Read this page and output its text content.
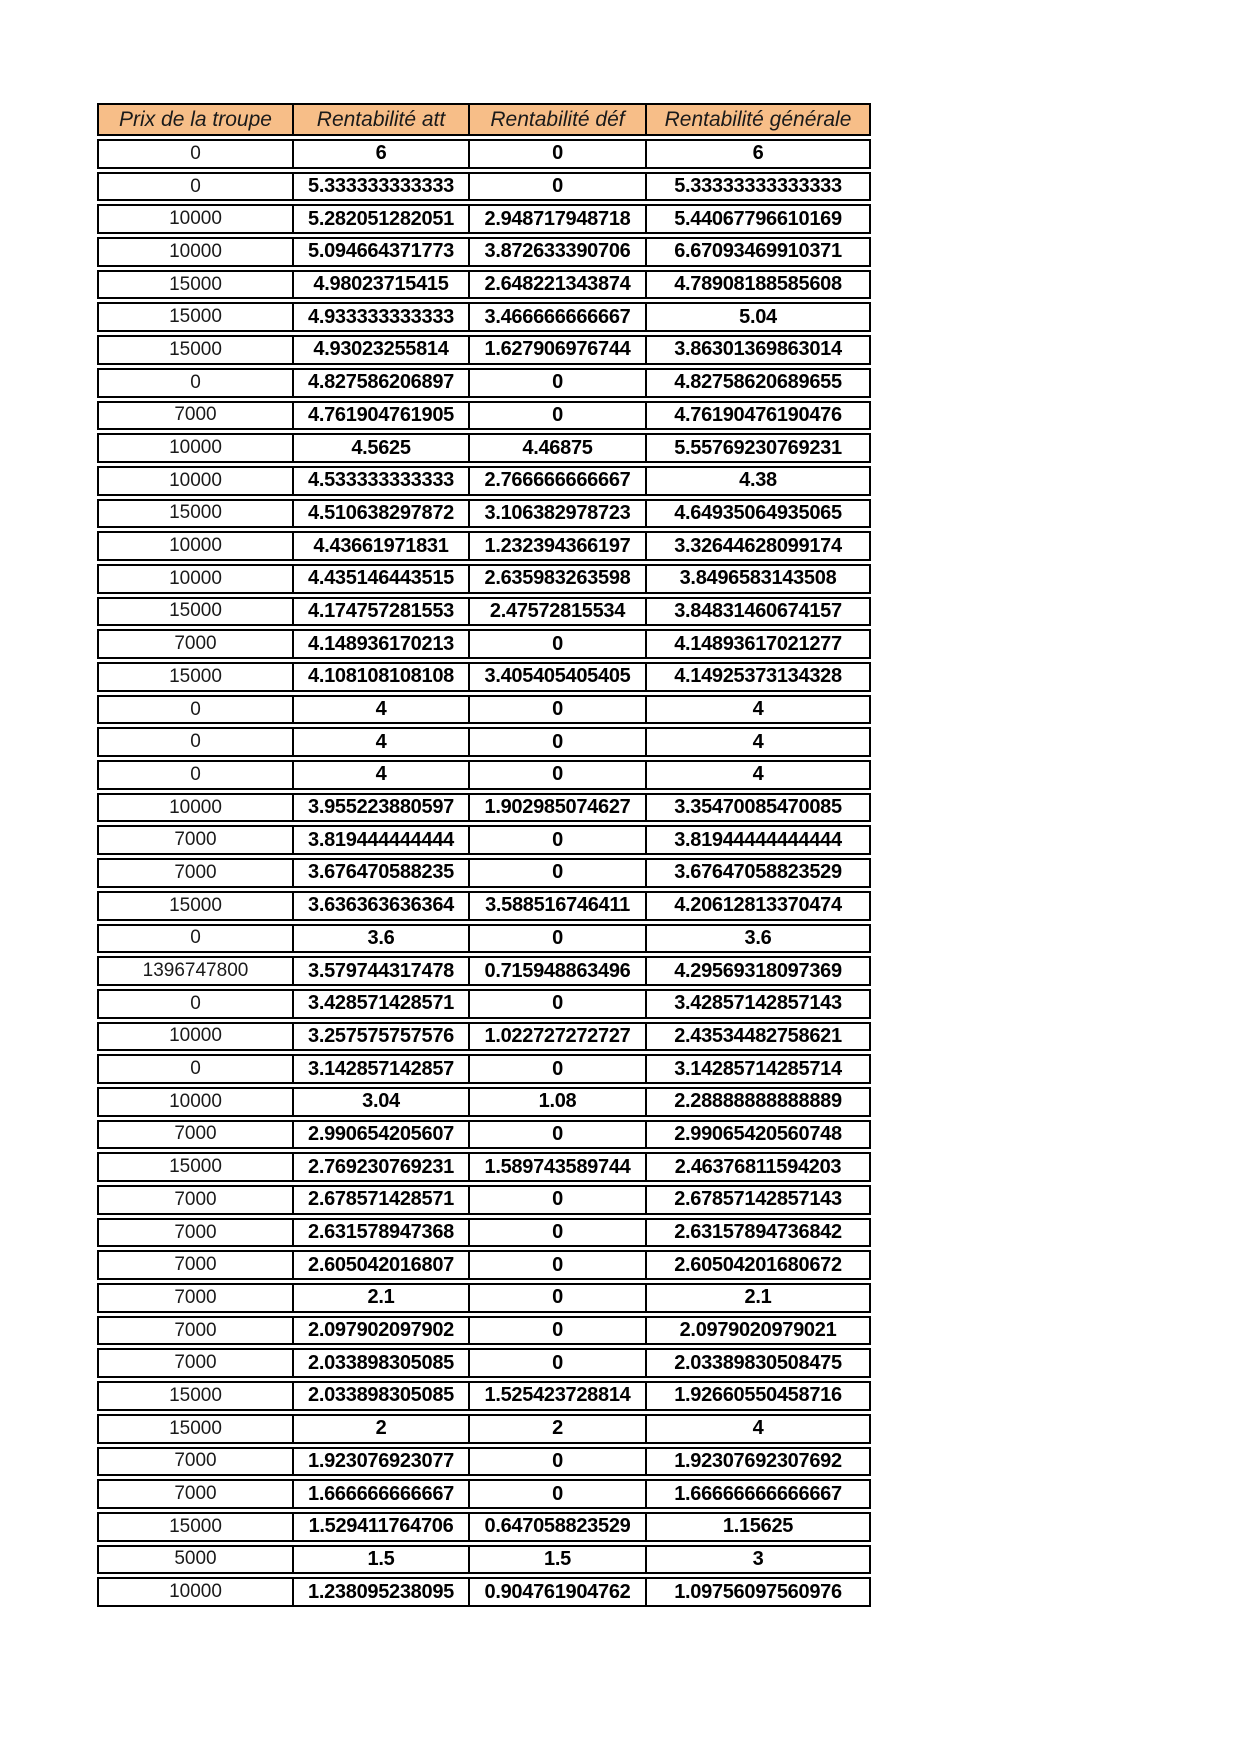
Prix de la troupe	Rentabilité att	Rentabilité déf	Rentabilité générale
0	6	0	6
0	5.333333333333	0	5.33333333333333
10000	5.282051282051	2.948717948718	5.44067796610169
10000	5.094664371773	3.872633390706	6.67093469910371
15000	4.98023715415	2.648221343874	4.78908188585608
15000	4.933333333333	3.466666666667	5.04
15000	4.93023255814	1.627906976744	3.86301369863014
0	4.827586206897	0	4.82758620689655
7000	4.761904761905	0	4.76190476190476
10000	4.5625	4.46875	5.55769230769231
10000	4.533333333333	2.766666666667	4.38
15000	4.510638297872	3.106382978723	4.64935064935065
10000	4.43661971831	1.232394366197	3.32644628099174
10000	4.435146443515	2.635983263598	3.8496583143508
15000	4.174757281553	2.47572815534	3.84831460674157
7000	4.148936170213	0	4.14893617021277
15000	4.108108108108	3.405405405405	4.14925373134328
0	4	0	4
0	4	0	4
0	4	0	4
10000	3.955223880597	1.902985074627	3.35470085470085
7000	3.819444444444	0	3.81944444444444
7000	3.676470588235	0	3.67647058823529
15000	3.636363636364	3.588516746411	4.20612813370474
0	3.6	0	3.6
1396747800	3.579744317478	0.715948863496	4.29569318097369
0	3.428571428571	0	3.42857142857143
10000	3.257575757576	1.022727272727	2.43534482758621
0	3.142857142857	0	3.14285714285714
10000	3.04	1.08	2.28888888888889
7000	2.990654205607	0	2.99065420560748
15000	2.769230769231	1.589743589744	2.46376811594203
7000	2.678571428571	0	2.67857142857143
7000	2.631578947368	0	2.63157894736842
7000	2.605042016807	0	2.60504201680672
7000	2.1	0	2.1
7000	2.097902097902	0	2.0979020979021
7000	2.033898305085	0	2.03389830508475
15000	2.033898305085	1.525423728814	1.92660550458716
15000	2	2	4
7000	1.923076923077	0	1.92307692307692
7000	1.666666666667	0	1.66666666666667
15000	1.529411764706	0.647058823529	1.15625
5000	1.5	1.5	3
10000	1.238095238095	0.904761904762	1.09756097560976
